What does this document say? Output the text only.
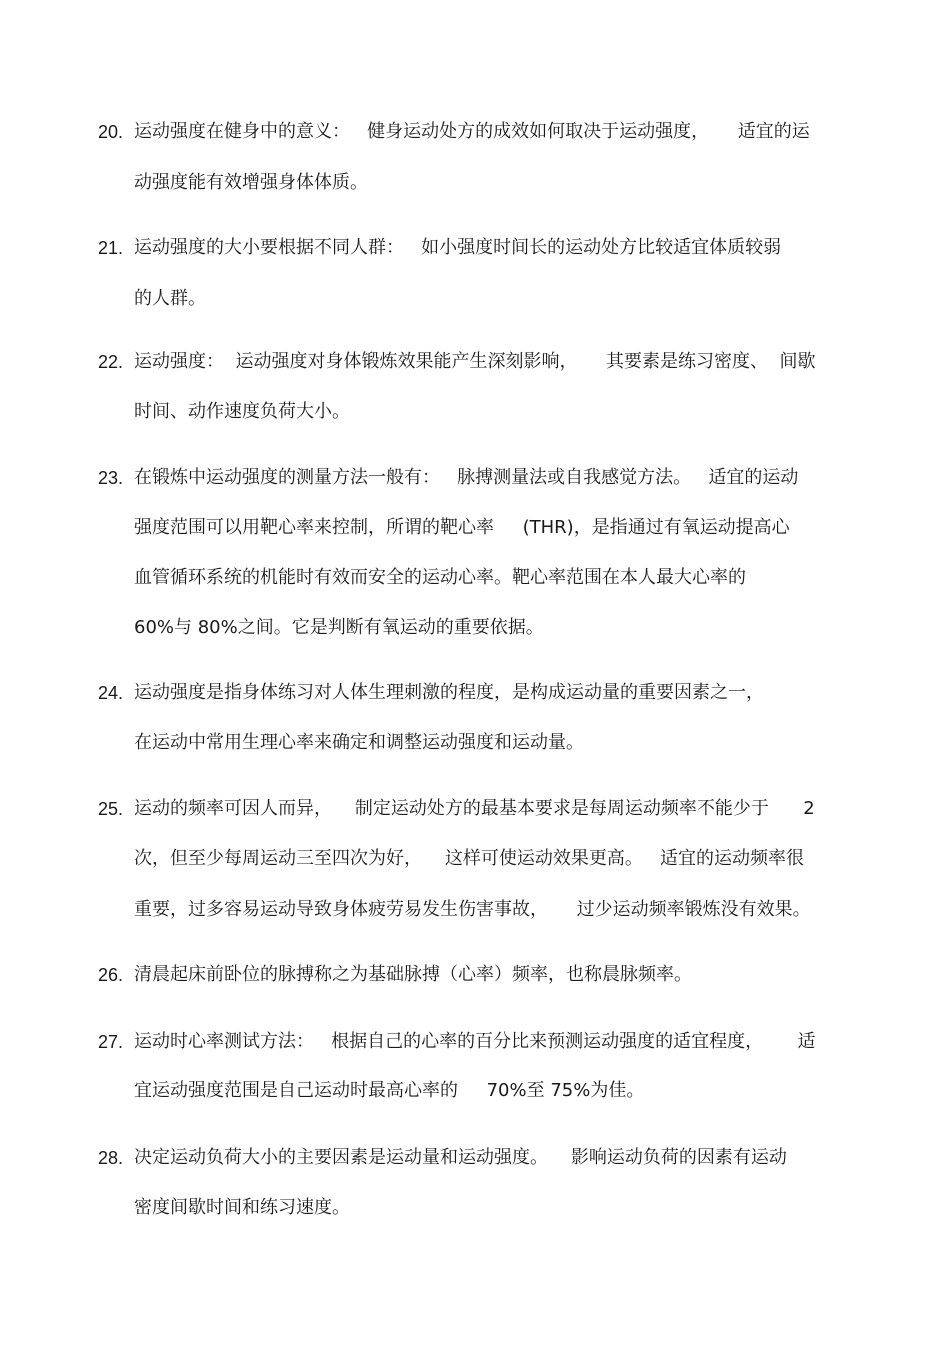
20. 运动强度在健身中的意义：   健身运动处方的成效如何取决于运动强度，     适宜的运
动强度能有效增强身体体质。
21. 运动强度的大小要根据不同人群：   如小强度时间长的运动处方比较适宜体质较弱
的人群。
22. 运动强度：  运动强度对身体锻炼效果能产生深刻影响，     其要素是练习密度、  间歇
时间、动作速度负荷大小。
23. 在锻炼中运动强度的测量方法一般有：   脉搏测量法或自我感觉方法。   适宜的运动
强度范围可以用靶心率来控制，所谓的靶心率     (THR)，是指通过有氧运动提高心
血管循环系统的机能时有效而安全的运动心率。靶心率范围在本人最大心率的
60%与 80%之间。它是判断有氧运动的重要依据。
24. 运动强度是指身体练习对人体生理刺激的程度，是构成运动量的重要因素之一，
在运动中常用生理心率来确定和调整运动强度和运动量。
25. 运动的频率可因人而异，    制定运动处方的最基本要求是每周运动频率不能少于      2
次，但至少每周运动三至四次为好，    这样可使运动效果更高。   适宜的运动频率很
重要，过多容易运动导致身体疲劳易发生伤害事故，     过少运动频率锻炼没有效果。
26. 清晨起床前卧位的脉搏称之为基础脉搏（心率）频率，也称晨脉频率。
27. 运动时心率测试方法：   根据自己的心率的百分比来预测运动强度的适宜程度，      适
宜运动强度范围是自己运动时最高心率的     70%至 75%为佳。
28. 决定运动负荷大小的主要因素是运动量和运动强度。    影响运动负荷的因素有运动
密度间歇时间和练习速度。
